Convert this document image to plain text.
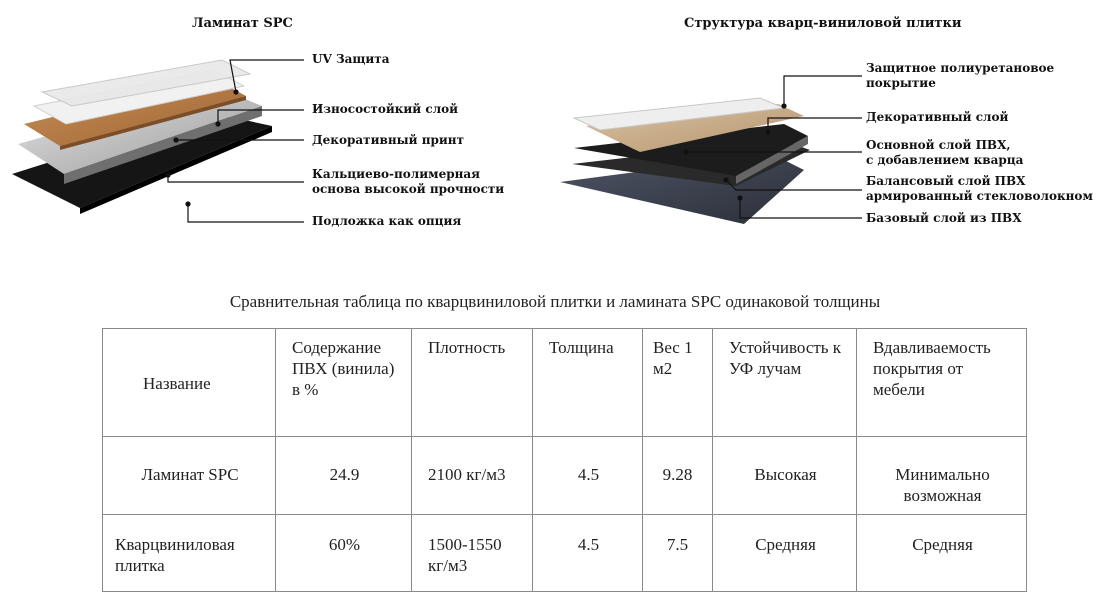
Ламинат SPC	Структура кварц-виниловой плитки
UV Защита
Износостойкий слой
Декоративный принт
Кальциево-полимерная
основа высокой прочности
Подложка как опция
Защитное полиуретановое
покрытие
Декоративный слой
Основной слой ПВХ,
с добавлением кварца
Балансовый слой ПВХ
армированный стекловолокном
Базовый слой из ПВХ
Сравнительная таблица по кварцвиниловой плитки и ламината SPC одинаковой толщины
Название	Содержание ПВХ (винила) в %	Плотность	Толщина	Вес 1 м2	Устойчивость к УФ лучам	Вдавливаемость покрытия от мебели

Ламинат SPC	24.9	2100 кг/м3	4.5	9.28	Высокая	Минимально возможная

Кварцвиниловая плитка	60%	1500-1550 кг/м3	4.5	7.5	Средняя	Средняя
